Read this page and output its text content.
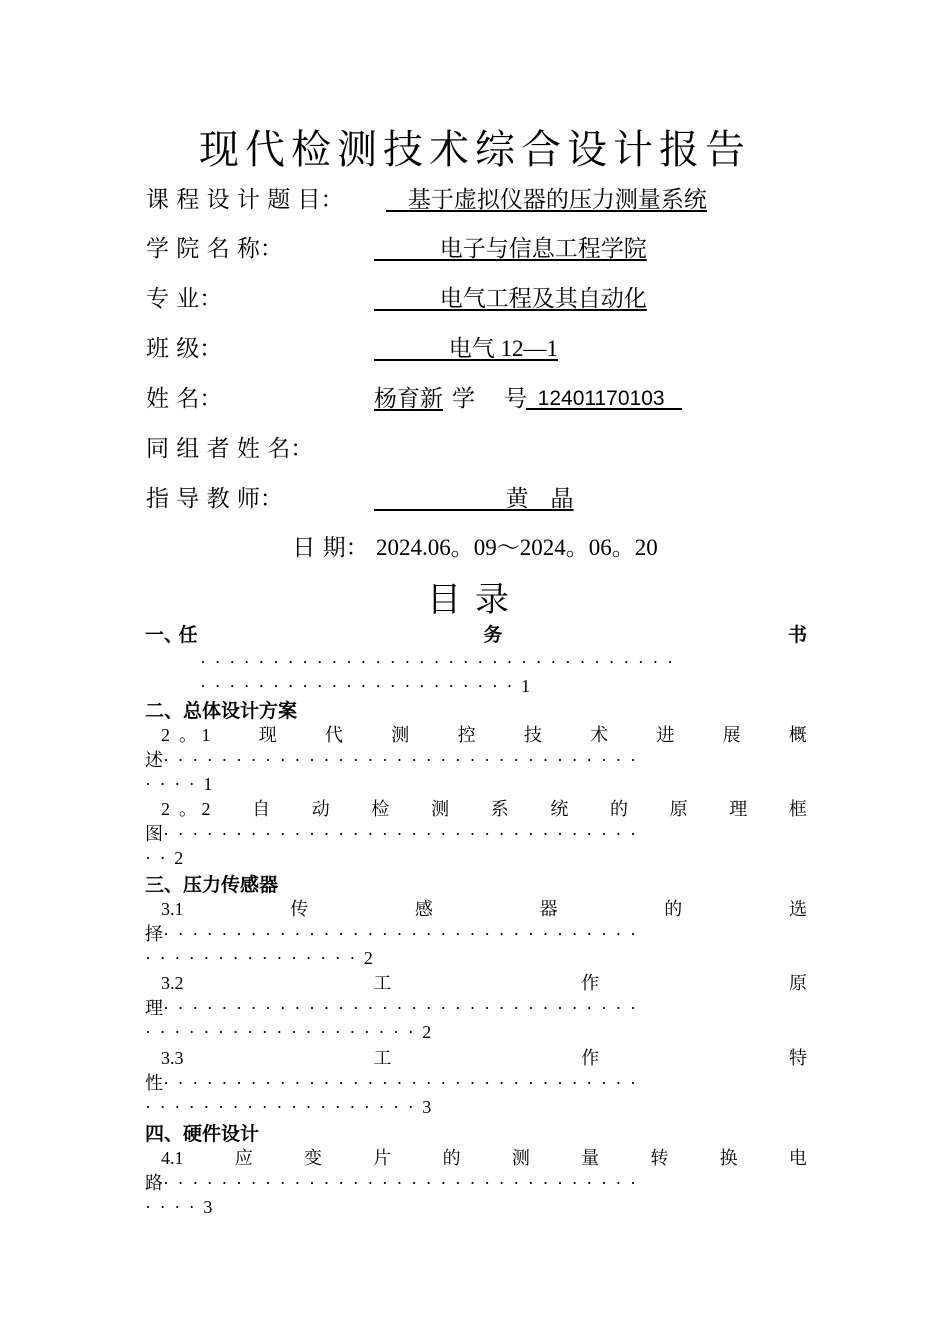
现代检测技术综合设计报告
课 程 设 计 题 目： 基于虚拟仪器的压力测量系统
学 院 名 称：	电子与信息工程学院
专 业：	电气工程及其自动化
班 级：	电气 12—1
姓 名：	杨育新 学    号
12401170103
同 组 者 姓 名：
指 导 教 师：	黄   晶
日 期： 2024.06。09～2024。06。20
目录
一、
任	务	书
·································
······················1
二、总体设计方案
2  。 1	现	代	测	控	技	术	进	展	概
述·································
····1
2  。 2 自 动 检 测 系 统 的 原 理 框
图·································
··2
三、压力传感器
3.1	传	感	器	的	选
择·································
···············2
3.2	工	作	原
理·································
···················2
3.3	工	作	特
性·································
···················3
四、硬件设计
4.1	应	变	片	的	测	量	转	换	电
路·································
····3
